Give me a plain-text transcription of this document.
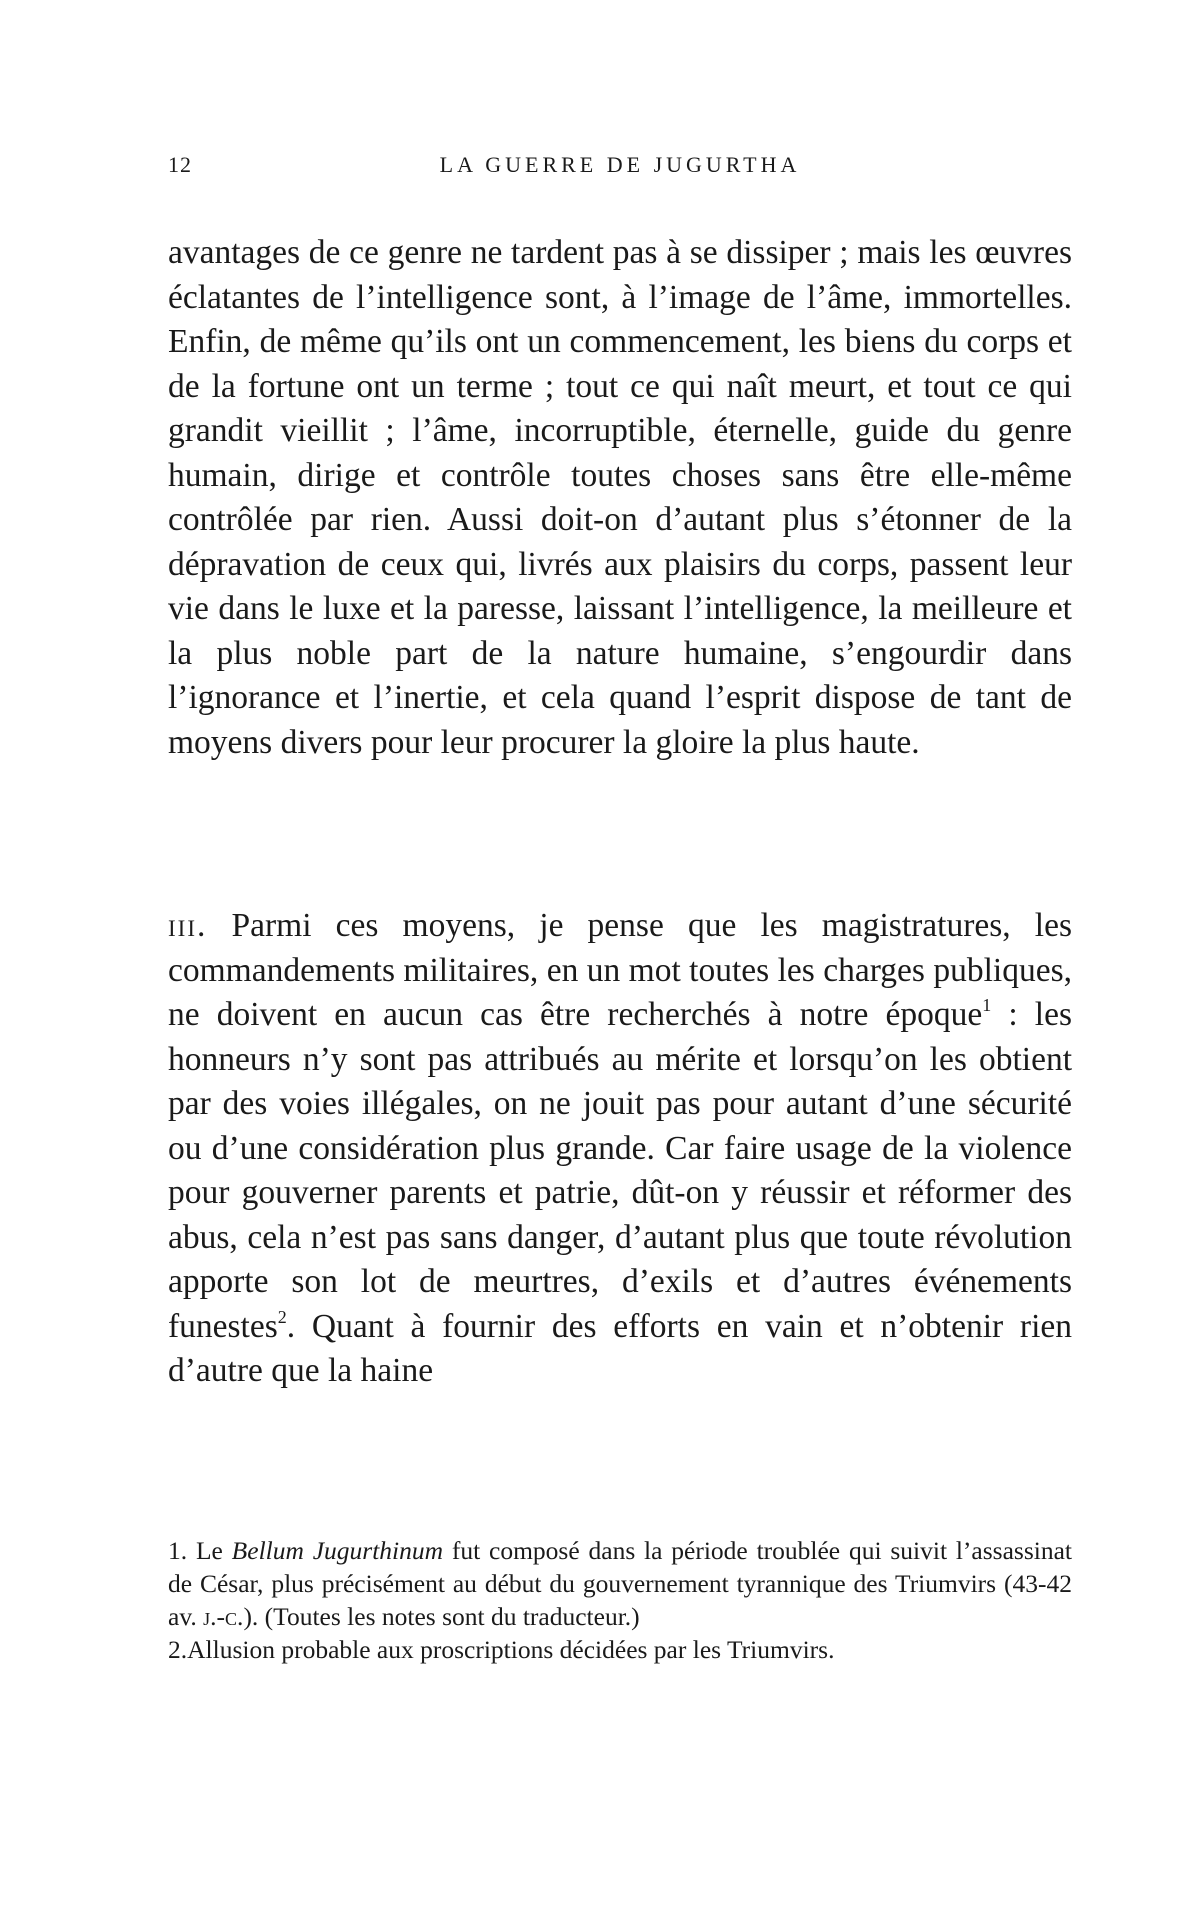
12	LA GUERRE DE JUGURTHA

avantages de ce genre ne tardent pas à se dissiper ; mais les œuvres éclatantes de l’intelligence sont, à l’image de l’âme, immortelles. Enfin, de même qu’ils ont un commencement, les biens du corps et de la fortune ont un terme ; tout ce qui naît meurt, et tout ce qui grandit vieillit ; l’âme, incorruptible, éternelle, guide du genre humain, dirige et contrôle toutes choses sans être elle-même contrôlée par rien. Aussi doit-on d’autant plus s’étonner de la dépravation de ceux qui, livrés aux plaisirs du corps, passent leur vie dans le luxe et la paresse, laissant l’intelligence, la meilleure et la plus noble part de la nature humaine, s’engourdir dans l’ignorance et l’inertie, et cela quand l’esprit dispose de tant de moyens divers pour leur procurer la gloire la plus haute.

iii. Parmi ces moyens, je pense que les magistratures, les commandements militaires, en un mot toutes les charges publiques, ne doivent en aucun cas être recherchés à notre époque$^1$ : les honneurs n’y sont pas attribués au mérite et lorsqu’on les obtient par des voies illégales, on ne jouit pas pour autant d’une sécurité ou d’une considération plus grande. Car faire usage de la violence pour gouverner parents et patrie, dût-on y réussir et réformer des abus, cela n’est pas sans danger, d’autant plus que toute révolution apporte son lot de meurtres, d’exils et d’autres événements funestes$^2$. Quant à fournir des efforts en vain et n’obtenir rien d’autre que la haine

1. Le Bellum Jugurthinum fut composé dans la période troublée qui suivit l’assassinat de César, plus précisément au début du gouvernement tyrannique des Triumvirs (43-42 av. j.-c.). (Toutes les notes sont du traducteur.)

2.Allusion probable aux proscriptions décidées par les Triumvirs.
